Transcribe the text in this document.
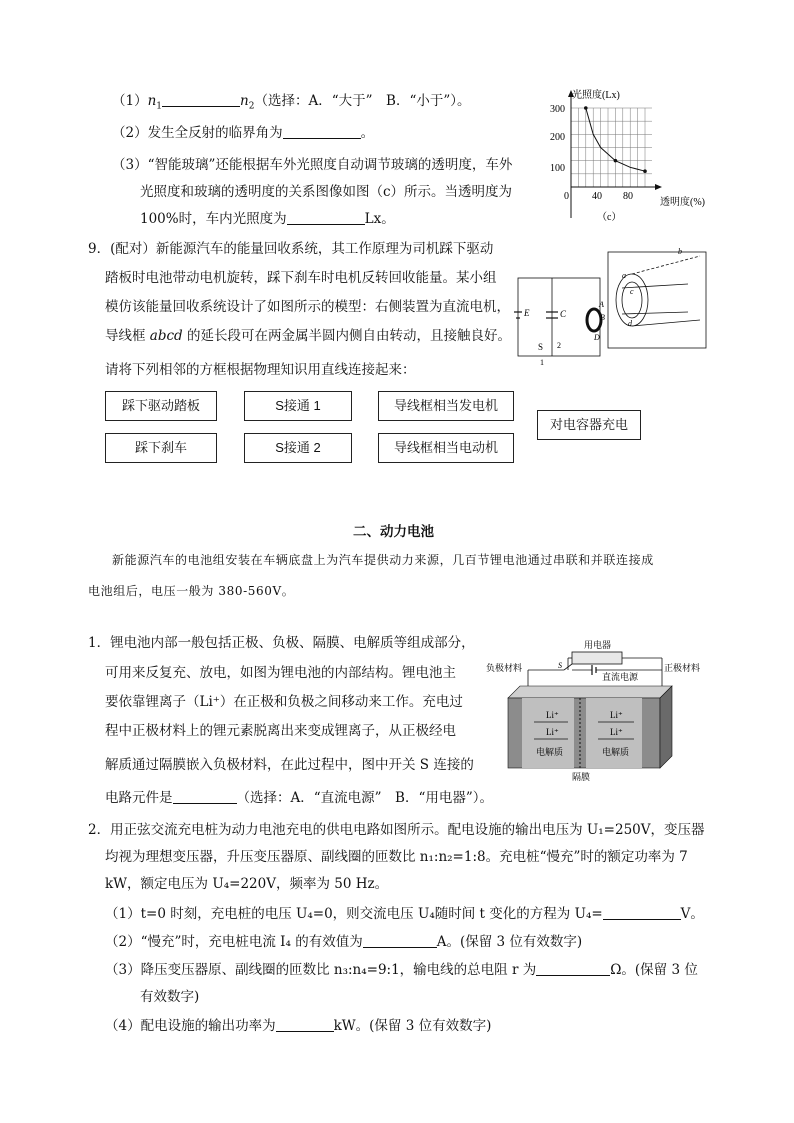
$(1)n_1$	$n_2$（选择：A．“大于”　B．“小于”）。
（2）发生全反射的临界角为	。
（3）“智能玻璃”还能根据车外光照度自动调节玻璃的透明度，车外
光照度和玻璃的透明度的关系图像如图（c）所示。当透明度为
100%时，车内光照度为	Lx。
光照度(Lx)
透明度(%)
300
200
100
0 40 80
（c）
9．(配对）新能源汽车的能量回收系统，其工作原理为司机踩下驱动
踏板时电池带动电机旋转，踩下刹车时电机反转回收能量。某小组
模仿该能量回收系统设计了如图所示的模型：右侧装置为直流电机，
导线框 abcd 的延长段可在两金属半圆内侧自由转动，且接触良好。
请将下列相邻的方框根据物理知识用直线连接起来：
E	C
S
1
2
A
B
D
a
b
c
d
踩下驱动踏板	S接通 1	导线框相当发电机
踩下刹车	S接通 2	导线框相当电动机
对电容器充电
二、动力电池
新能源汽车的电池组安装在车辆底盘上为汽车提供动力来源，几百节锂电池通过串联和并联连接成
电池组后，电压一般为 380-560V。
1．锂电池内部一般包括正极、负极、隔膜、电解质等组成部分，
可用来反复充、放电，如图为锂电池的内部结构。锂电池主
要依靠锂离子（Li⁺）在正极和负极之间移动来工作。充电过
程中正极材料上的锂元素脱离出来变成锂离子，从正极经电
解质通过隔膜嵌入负极材料，在此过程中，图中开关 S 连接的
电路元件是	（选择：A．“直流电源”　B．“用电器”）。
用电器
S
直流电源
负极材料	正极材料
Li⁺
Li⁺
Li⁺
Li⁺
电解质	电解质
隔膜
2．用正弦交流充电桩为动力电池充电的供电电路如图所示。配电设施的输出电压为 U₁=250V，变压器
均视为理想变压器，升压变压器原、副线圈的匝数比 n₁:n₂=1:8。充电桩“慢充”时的额定功率为 7
kW，额定电压为 U₄=220V，频率为 50 Hz。
（1）t=0 时刻，充电桩的电压 U₄=0，则交流电压 U₄随时间 t 变化的方程为 U₄=	V。
（2）“慢充”时，充电桩电流 I₄ 的有效值为	A。(保留 3 位有效数字)
（3）降压变压器原、副线圈的匝数比 n₃:n₄=9:1，输电线的总电阻 r 为	Ω。(保留 3 位
有效数字)
（4）配电设施的输出功率为	kW。(保留 3 位有效数字)
